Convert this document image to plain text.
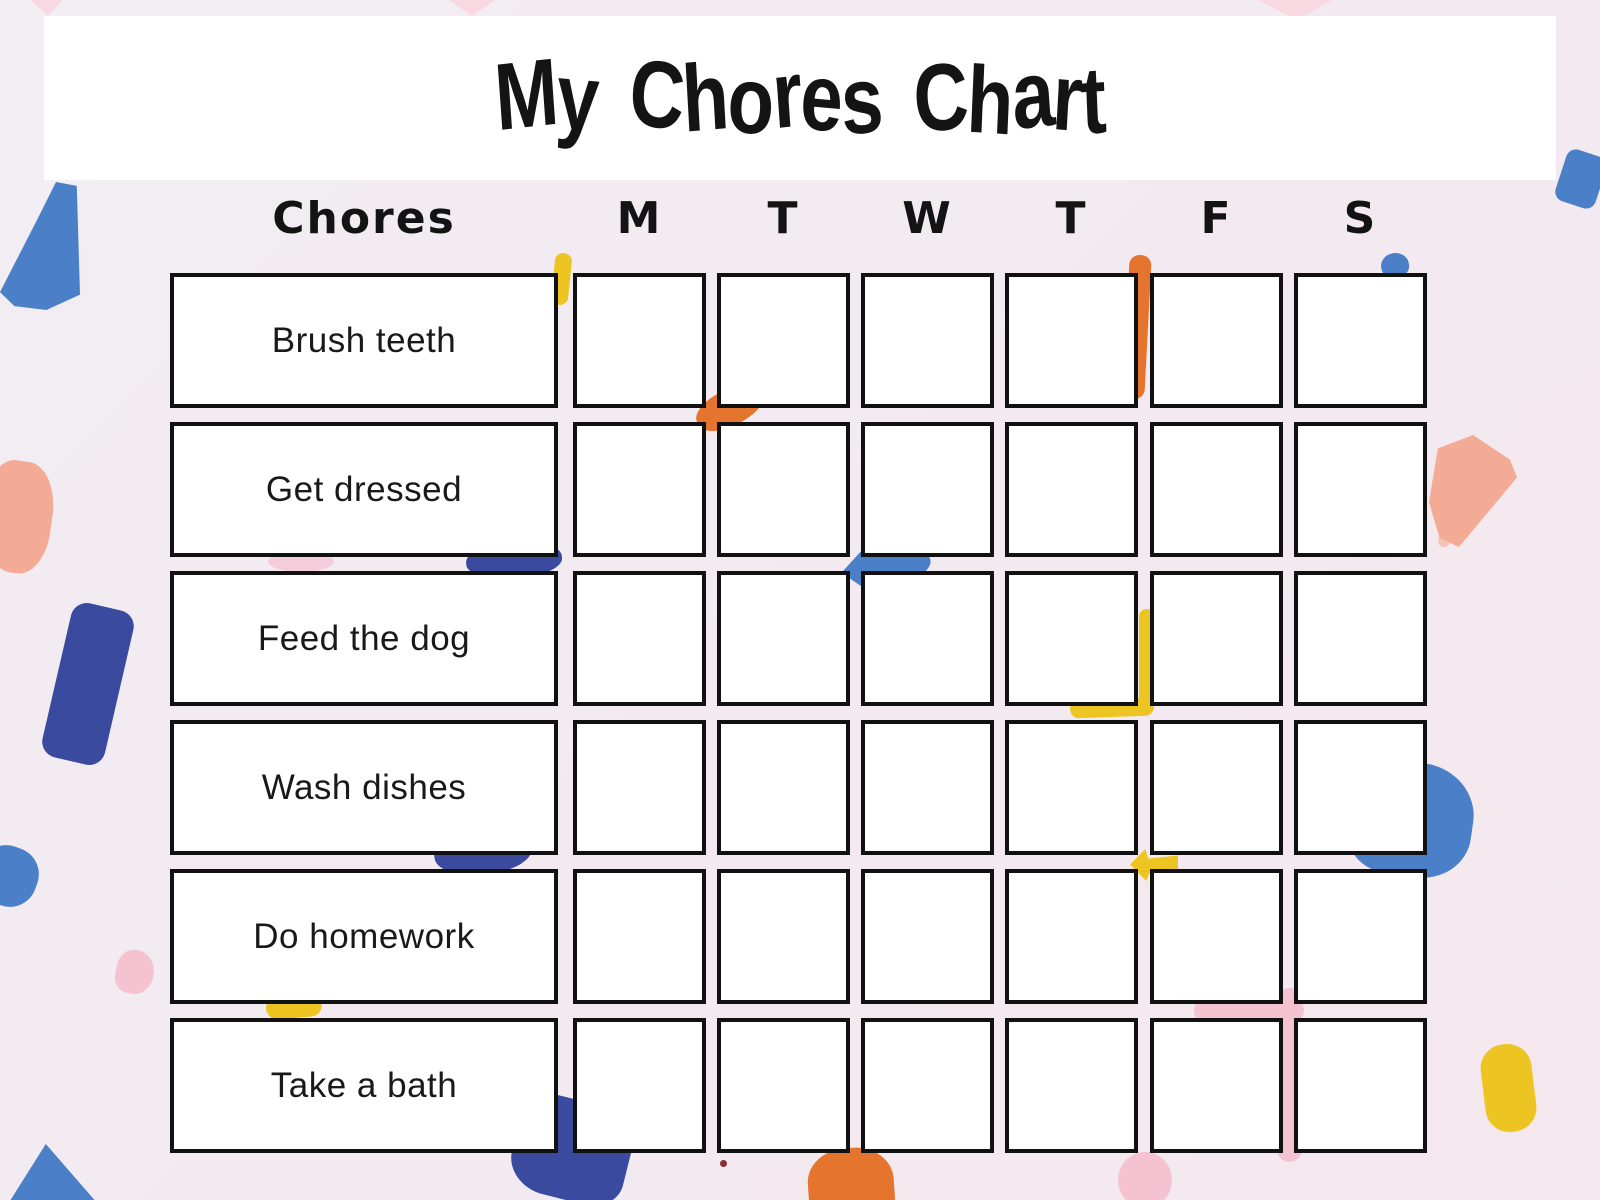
My Chores Chart
Chores	M	T	W	T	F	S
Brush teeth
Get dressed
Feed the dog
Wash dishes
Do homework
Take a bath
